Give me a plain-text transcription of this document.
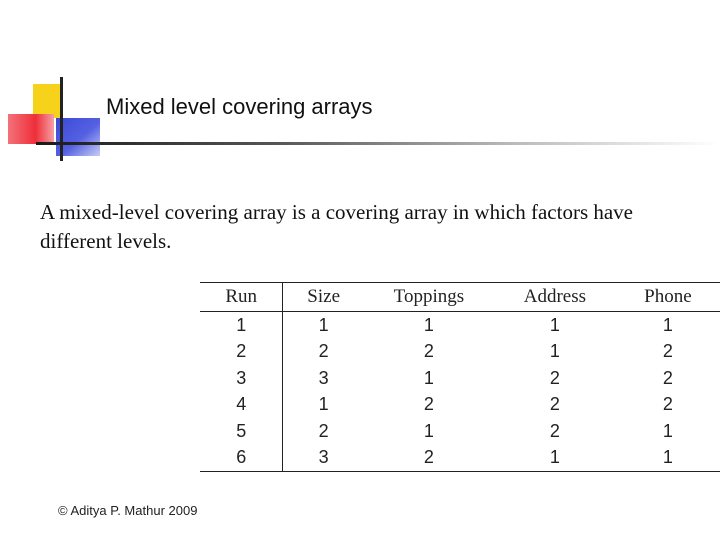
Mixed level covering arrays
A mixed-level covering array is a covering array in which factors have different levels.
Run	Size	Toppings	Address	Phone
1	1	1	1	1
2	2	2	1	2
3	3	1	2	2
4	1	2	2	2
5	2	1	2	1
6	3	2	1	1
© Aditya P. Mathur 2009
